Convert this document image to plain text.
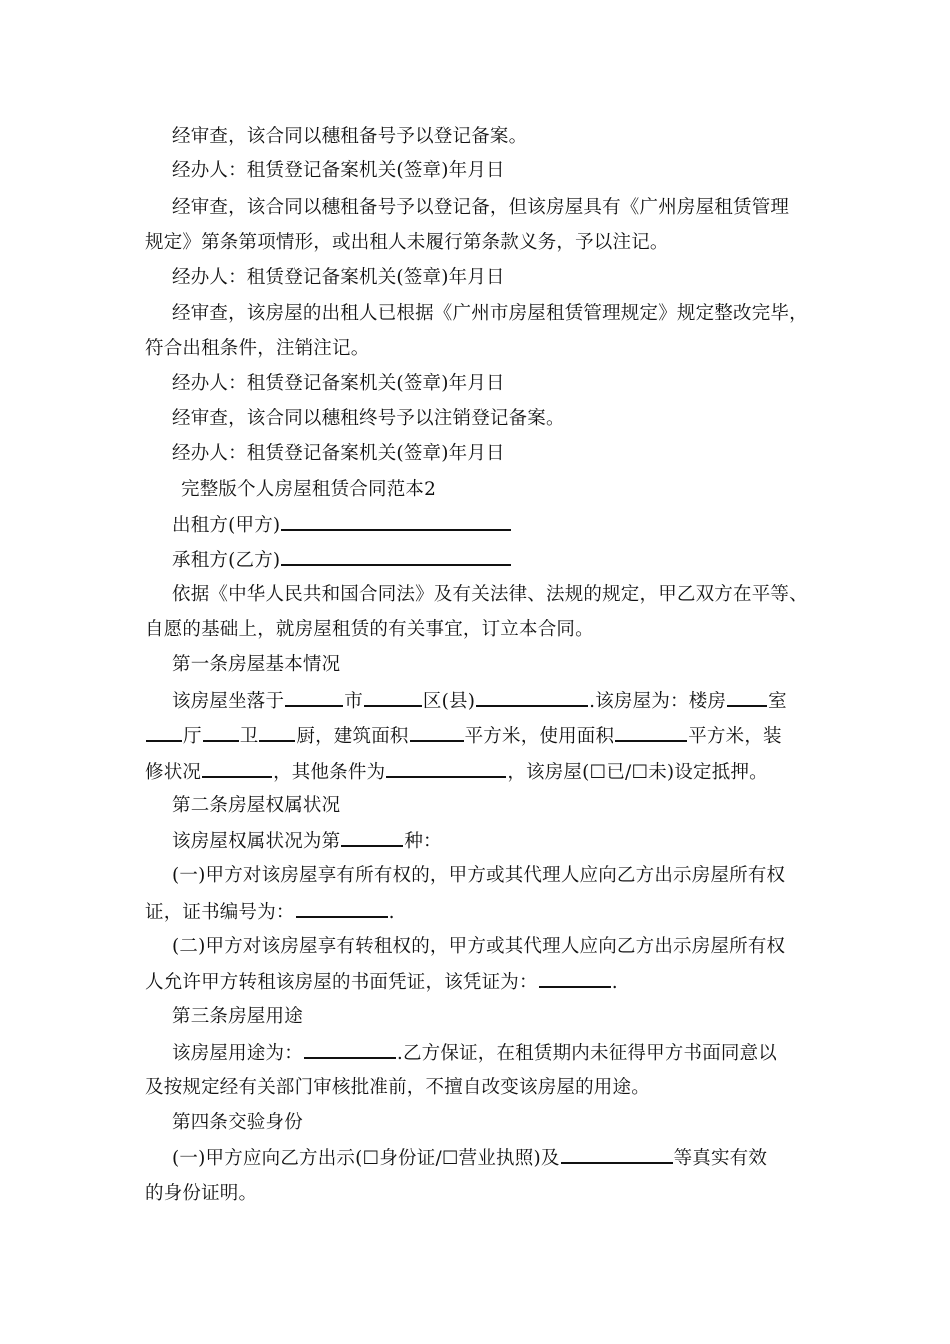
经审查，该合同以穗租备号予以登记备案。
经办人：租赁登记备案机关(签章)年月日
经审查，该合同以穗租备号予以登记备，但该房屋具有《广州房屋租赁管理
规定》第条第项情形，或出租人未履行第条款义务，予以注记。
经办人：租赁登记备案机关(签章)年月日
经审查，该房屋的出租人已根据《广州市房屋租赁管理规定》规定整改完毕，
符合出租条件，注销注记。
经办人：租赁登记备案机关(签章)年月日
经审查，该合同以穗租终号予以注销登记备案。
经办人：租赁登记备案机关(签章)年月日
完整版个人房屋租赁合同范本2
出租方(甲方)
承租方(乙方)
依据《中华人民共和国合同法》及有关法律、法规的规定，甲乙双方在平等、
自愿的基础上，就房屋租赁的有关事宜，订立本合同。
第一条房屋基本情况
该房屋坐落于	市	区(县)	.该房屋为：楼房 室
厅 卫 厨，建筑面积	平方米，使用面积	平方米，装
修状况	，其他条件为	，该房屋(☐已/☐未)设定抵押。
第二条房屋权属状况
该房屋权属状况为第	种：
(一)甲方对该房屋享有所有权的，甲方或其代理人应向乙方出示房屋所有权
证，证书编号为：	.
(二)甲方对该房屋享有转租权的，甲方或其代理人应向乙方出示房屋所有权
人允许甲方转租该房屋的书面凭证，该凭证为：	.
第三条房屋用途
该房屋用途为：	.乙方保证，在租赁期内未征得甲方书面同意以
及按规定经有关部门审核批准前，不擅自改变该房屋的用途。
第四条交验身份
(一)甲方应向乙方出示(☐身份证/☐营业执照)及	等真实有效
的身份证明。
